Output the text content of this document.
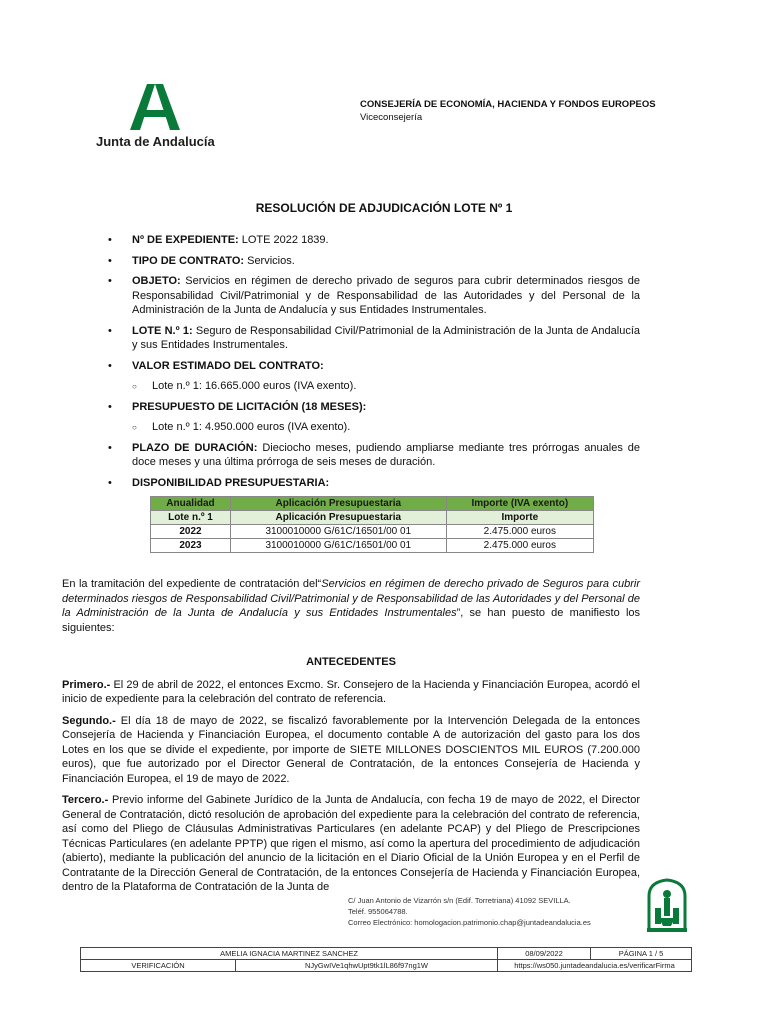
Junta de Andalucía
CONSEJERÍA DE ECONOMÍA, HACIENDA Y FONDOS EUROPEOS
Viceconsejería
RESOLUCIÓN DE ADJUDICACIÓN LOTE Nº 1
• Nº DE EXPEDIENTE: LOTE 2022 1839.
• TIPO DE CONTRATO: Servicios.
• OBJETO: Servicios en régimen de derecho privado de seguros para cubrir determinados riesgos de Responsabilidad Civil/Patrimonial y de Responsabilidad de las Autoridades y del Personal de la Administración de la Junta de Andalucía y sus Entidades Instrumentales.
• LOTE N.º 1: Seguro de Responsabilidad Civil/Patrimonial de la Administración de la Junta de Andalucía y sus Entidades Instrumentales.
• VALOR ESTIMADO DEL CONTRATO:
○ Lote n.º 1: 16.665.000 euros (IVA exento).
• PRESUPUESTO DE LICITACIÓN (18 MESES):
○ Lote n.º 1: 4.950.000 euros (IVA exento).
• PLAZO DE DURACIÓN: Dieciocho meses, pudiendo ampliarse mediante tres prórrogas anuales de doce meses y una última prórroga de seis meses de duración.
• DISPONIBILIDAD PRESUPUESTARIA:
Anualidad	Aplicación Presupuestaria	Importe (IVA exento)
Lote n.º 1	Aplicación Presupuestaria	Importe
2022	3100010000 G/61C/16501/00 01	2.475.000 euros
2023	3100010000 G/61C/16501/00 01	2.475.000 euros

En la tramitación del expediente de contratación del“Servicios en régimen de derecho privado de Seguros para cubrir determinados riesgos de Responsabilidad Civil/Patrimonial y de Responsabilidad de las Autoridades y del Personal de la Administración de la Junta de Andalucía y sus Entidades Instrumentales”, se han puesto de manifiesto los siguientes:

ANTECEDENTES

Primero.- El 29 de abril de 2022, el entonces Excmo. Sr. Consejero de la Hacienda y Financiación Europea, acordó el inicio de expediente para la celebración del contrato de referencia.

Segundo.- El día 18 de mayo de 2022, se fiscalizó favorablemente por la Intervención Delegada de la entonces Consejería de Hacienda y Financiación Europea, el documento contable A de autorización del gasto para los dos Lotes en los que se divide el expediente, por importe de SIETE MILLONES DOSCIENTOS MIL EUROS (7.200.000 euros), que fue autorizado por el Director General de Contratación, de la entonces Consejería de Hacienda y Financiación Europea, el 19 de mayo de 2022.

Tercero.- Previo informe del Gabinete Jurídico de la Junta de Andalucía, con fecha 19 de mayo de 2022, el Director General de Contratación, dictó resolución de aprobación del expediente para la celebración del contrato de referencia, así como del Pliego de Cláusulas Administrativas Particulares (en adelante PCAP) y del Pliego de Prescripciones Técnicas Particulares (en adelante PPTP) que rigen el mismo, así como la apertura del procedimiento de adjudicación (abierto), mediante la publicación del anuncio de la licitación en el Diario Oficial de la Unión Europea y en el Perfil de Contratante de la Dirección General de Contratación, de la entonces Consejería de Hacienda y Financiación Europea, dentro de la Plataforma de Contratación de la Junta de

C/ Juan Antonio de Vizarrón s/n (Edif. Torretriana) 41092 SEVILLA.
Teléf. 955064788.
Correo Electrónico: homologacion.patrimonio.chap@juntadeandalucia.es
AMELIA IGNACIA MARTINEZ SANCHEZ		08/09/2022	PÁGINA 1 / 5
VERIFICACIÓN	NJyGwIVe1qhwUpt9tk1lL86f97ng1W	https://ws050.juntadeandalucia.es/verificarFirma	
